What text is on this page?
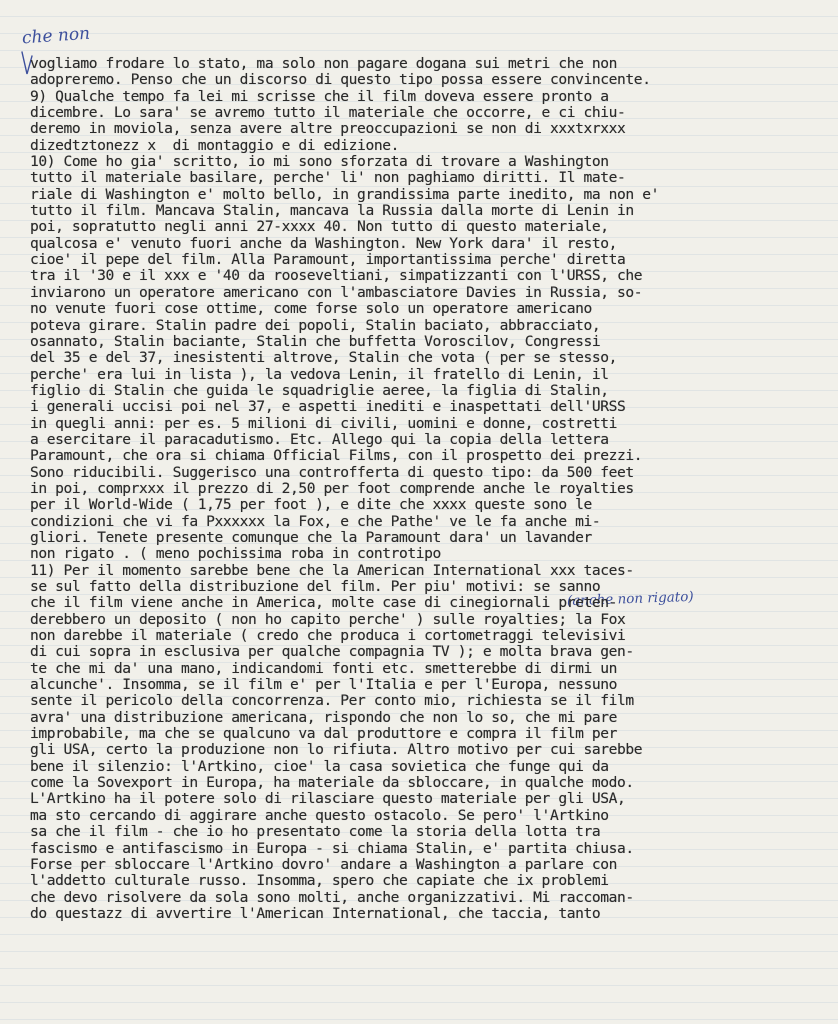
che non
(anche non rigato)
vogliamo frodare lo stato, ma solo non pagare dogana sui metri che non
adopreremo. Penso che un discorso di questo tipo possa essere convincente.
9) Qualche tempo fa lei mi scrisse che il film doveva essere pronto a
dicembre. Lo sara' se avremo tutto il materiale che occorre, e ci chiu-
deremo in moviola, senza avere altre preoccupazioni se non di xxxtxrxxx
dizedtztonezz x  di montaggio e di edizione.
10) Come ho gia' scritto, io mi sono sforzata di trovare a Washington
tutto il materiale basilare, perche' li' non paghiamo diritti. Il mate-
riale di Washington e' molto bello, in grandissima parte inedito, ma non e'
tutto il film. Mancava Stalin, mancava la Russia dalla morte di Lenin in
poi, sopratutto negli anni 27-xxxx 40. Non tutto di questo materiale,
qualcosa e' venuto fuori anche da Washington. New York dara' il resto,
cioe' il pepe del film. Alla Paramount, importantissima perche' diretta
tra il '30 e il xxx e '40 da rooseveltiani, simpatizzanti con l'URSS, che
inviarono un operatore americano con l'ambasciatore Davies in Russia, so-
no venute fuori cose ottime, come forse solo un operatore americano
poteva girare. Stalin padre dei popoli, Stalin baciato, abbracciato,
osannato, Stalin baciante, Stalin che buffetta Voroscilov, Congressi
del 35 e del 37, inesistenti altrove, Stalin che vota ( per se stesso,
perche' era lui in lista ), la vedova Lenin, il fratello di Lenin, il
figlio di Stalin che guida le squadriglie aeree, la figlia di Stalin,
i generali uccisi poi nel 37, e aspetti inediti e inaspettati dell'URSS
in quegli anni: per es. 5 milioni di civili, uomini e donne, costretti
a esercitare il paracadutismo. Etc. Allego qui la copia della lettera
Paramount, che ora si chiama Official Films, con il prospetto dei prezzi.
Sono riducibili. Suggerisco una controfferta di questo tipo: da 500 feet
in poi, comprxxx il prezzo di 2,50 per foot comprende anche le royalties
per il World-Wide ( 1,75 per foot ), e dite che xxxx queste sono le
condizioni che vi fa Pxxxxxx la Fox, e che Pathe' ve le fa anche mi-
gliori. Tenete presente comunque che la Paramount dara' un lavander
non rigato . ( meno pochissima roba in controtipo
11) Per il momento sarebbe bene che la American International xxx taces-
se sul fatto della distribuzione del film. Per piu' motivi: se sanno
che il film viene anche in America, molte case di cinegiornali preten-
derebbero un deposito ( non ho capito perche' ) sulle royalties; la Fox
non darebbe il materiale ( credo che produca i cortometraggi televisivi
di cui sopra in esclusiva per qualche compagnia TV ); e molta brava gen-
te che mi da' una mano, indicandomi fonti etc. smetterebbe di dirmi un
alcunche'. Insomma, se il film e' per l'Italia e per l'Europa, nessuno
sente il pericolo della concorrenza. Per conto mio, richiesta se il film
avra' una distribuzione americana, rispondo che non lo so, che mi pare
improbabile, ma che se qualcuno va dal produttore e compra il film per
gli USA, certo la produzione non lo rifiuta. Altro motivo per cui sarebbe
bene il silenzio: l'Artkino, cioe' la casa sovietica che funge qui da
come la Sovexport in Europa, ha materiale da sbloccare, in qualche modo.
L'Artkino ha il potere solo di rilasciare questo materiale per gli USA,
ma sto cercando di aggirare anche questo ostacolo. Se pero' l'Artkino
sa che il film - che io ho presentato come la storia della lotta tra
fascismo e antifascismo in Europa - si chiama Stalin, e' partita chiusa.
Forse per sbloccare l'Artkino dovro' andare a Washington a parlare con
l'addetto culturale russo. Insomma, spero che capiate che ix problemi
che devo risolvere da sola sono molti, anche organizzativi. Mi raccoman-
do questazz di avvertire l'American International, che taccia, tanto
